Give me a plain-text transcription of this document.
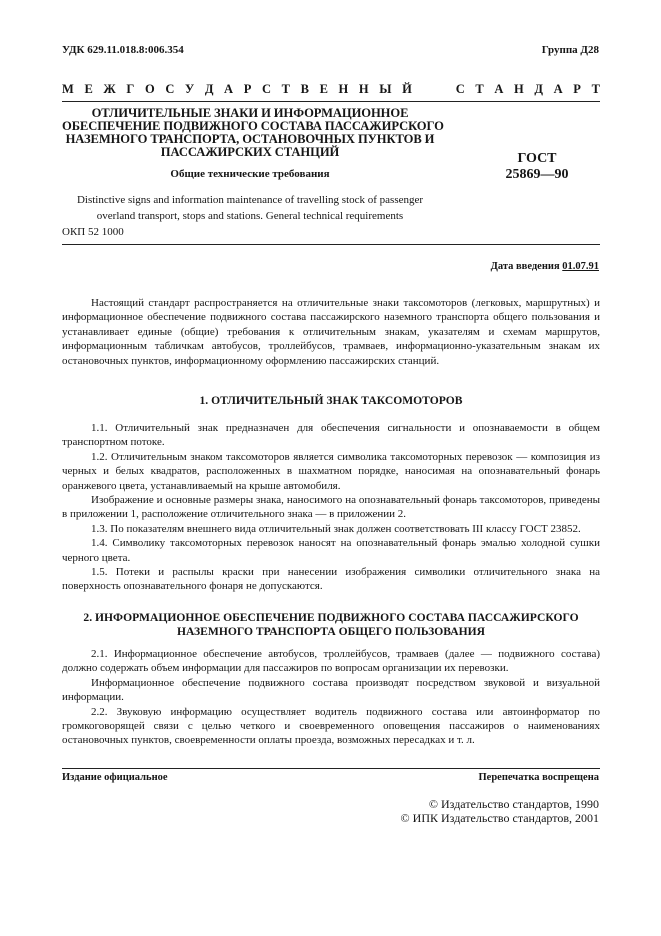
УДК 629.11.018.8:006.354	Группа Д28
М Е Ж Г О С У Д А Р С Т В Е Н Н Ы Й	С Т А Н Д А Р Т
ОТЛИЧИТЕЛЬНЫЕ ЗНАКИ И ИНФОРМАЦИОННОЕ
ОБЕСПЕЧЕНИЕ ПОДВИЖНОГО СОСТАВА ПАССАЖИРСКОГО
НАЗЕМНОГО ТРАНСПОРТА, ОСТАНОВОЧНЫХ ПУНКТОВ И
ПАССАЖИРСКИХ СТАНЦИЙ
Общие технические требования
ГОСТ
25869—90
Distinctive signs and information maintenance of travelling stock of passenger
overland transport, stops and stations. General technical requirements
ОКП 52 1000
Дата введения 01.07.91

Настоящий стандарт распространяется на отличительные знаки таксомоторов (легковых, маршрутных) и информационное обеспечение подвижного состава пассажирского наземного транспорта общего пользования и устанавливает единые (общие) требования к отличительным знакам, указателям и схемам маршрутов, информационным табличкам автобусов, троллейбусов, трамваев, информационно-указательным знакам их остановочных пунктов, информационному оформлению пассажирских станций.

1. ОТЛИЧИТЕЛЬНЫЙ ЗНАК ТАКСОМОТОРОВ

1.1. Отличительный знак предназначен для обеспечения сигнальности и опознаваемости в общем транспортном потоке.

1.2. Отличительным знаком таксомоторов является символика таксомоторных перевозок — композиция из черных и белых квадратов, расположенных в шахматном порядке, наносимая на опознавательный фонарь оранжевого цвета, устанавливаемый на крыше автомобиля.

Изображение и основные размеры знака, наносимого на опознавательный фонарь таксомоторов, приведены в приложении 1, расположение отличительного знака — в приложении 2.

1.3. По показателям внешнего вида отличительный знак должен соответствовать III классу ГОСТ 23852.

1.4. Символику таксомоторных перевозок наносят на опознавательный фонарь эмалью холодной сушки черного цвета.

1.5. Потеки и распылы краски при нанесении изображения символики отличительного знака на поверхность опознавательного фонаря не допускаются.

2. ИНФОРМАЦИОННОЕ ОБЕСПЕЧЕНИЕ ПОДВИЖНОГО СОСТАВА ПАССАЖИРСКОГО
НАЗЕМНОГО ТРАНСПОРТА ОБЩЕГО ПОЛЬЗОВАНИЯ

2.1. Информационное обеспечение автобусов, троллейбусов, трамваев (далее — подвижного состава) должно содержать объем информации для пассажиров по вопросам организации их перевозки.

Информационное обеспечение подвижного состава производят посредством звуковой и визуальной информации.

2.2. Звуковую информацию осуществляет водитель подвижного состава или автоинформатор по громкоговорящей связи с целью четкого и своевременного оповещения пассажиров о наименованиях остановочных пунктов, своевременности оплаты проезда, возможных пересадках и т. л.

Издание официальное	Перепечатка воспрещена
© Издательство стандартов, 1990
© ИПК Издательство стандартов, 2001
